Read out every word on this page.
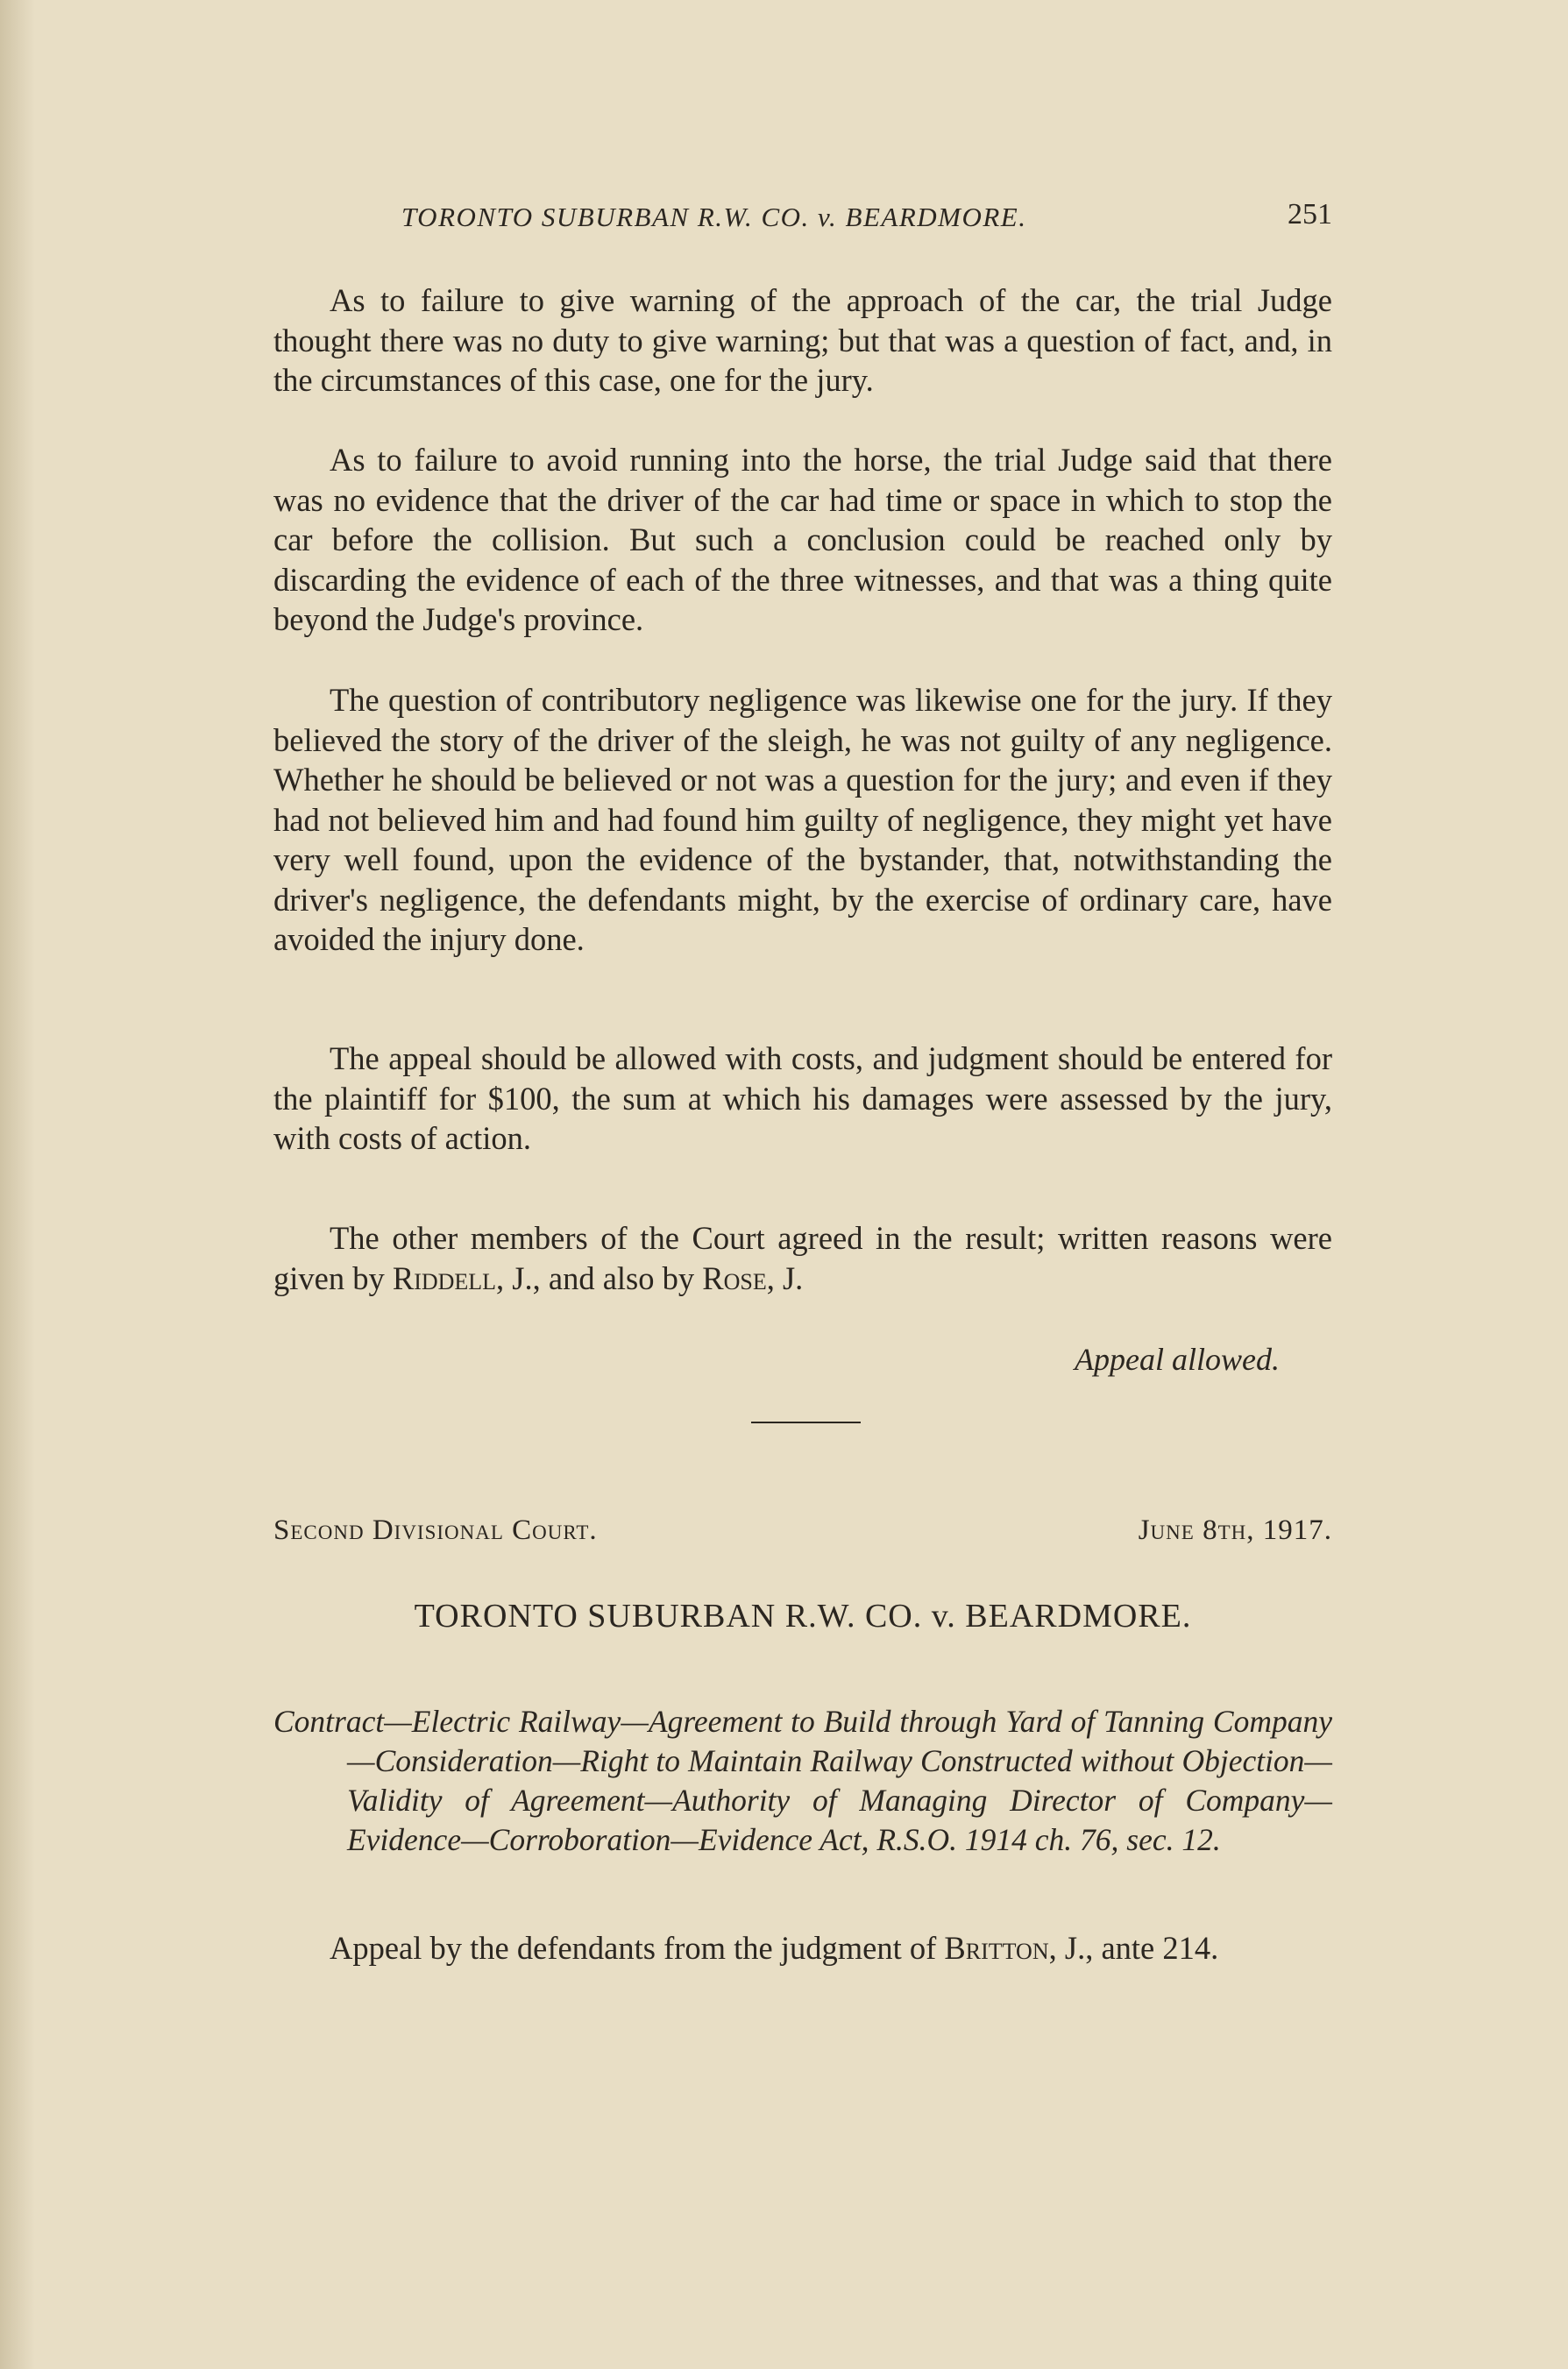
TORONTO SUBURBAN R.W. CO. v. BEARDMORE.	251

As to failure to give warning of the approach of the car, the trial Judge thought there was no duty to give warning; but that was a question of fact, and, in the circumstances of this case, one for the jury.

As to failure to avoid running into the horse, the trial Judge said that there was no evidence that the driver of the car had time or space in which to stop the car before the collision. But such a conclusion could be reached only by discarding the evidence of each of the three witnesses, and that was a thing quite beyond the Judge's province.

The question of contributory negligence was likewise one for the jury. If they believed the story of the driver of the sleigh, he was not guilty of any negligence. Whether he should be believed or not was a question for the jury; and even if they had not believed him and had found him guilty of negligence, they might yet have very well found, upon the evidence of the bystander, that, notwithstanding the driver's negligence, the defendants might, by the exercise of ordinary care, have avoided the injury done.

The appeal should be allowed with costs, and judgment should be entered for the plaintiff for $100, the sum at which his damages were assessed by the jury, with costs of action.

The other members of the Court agreed in the result; written reasons were given by Riddell, J., and also by Rose, J.

Appeal allowed.
Second Divisional Court.	June 8th, 1917.
TORONTO SUBURBAN R.W. CO. v. BEARDMORE.

Contract—Electric Railway—Agreement to Build through Yard of Tanning Company—Consideration—Right to Maintain Railway Constructed without Objection—Validity of Agreement—Authority of Managing Director of Company—Evidence—Corroboration—Evidence Act, R.S.O. 1914 ch. 76, sec. 12.

Appeal by the defendants from the judgment of Britton, J., ante 214.
